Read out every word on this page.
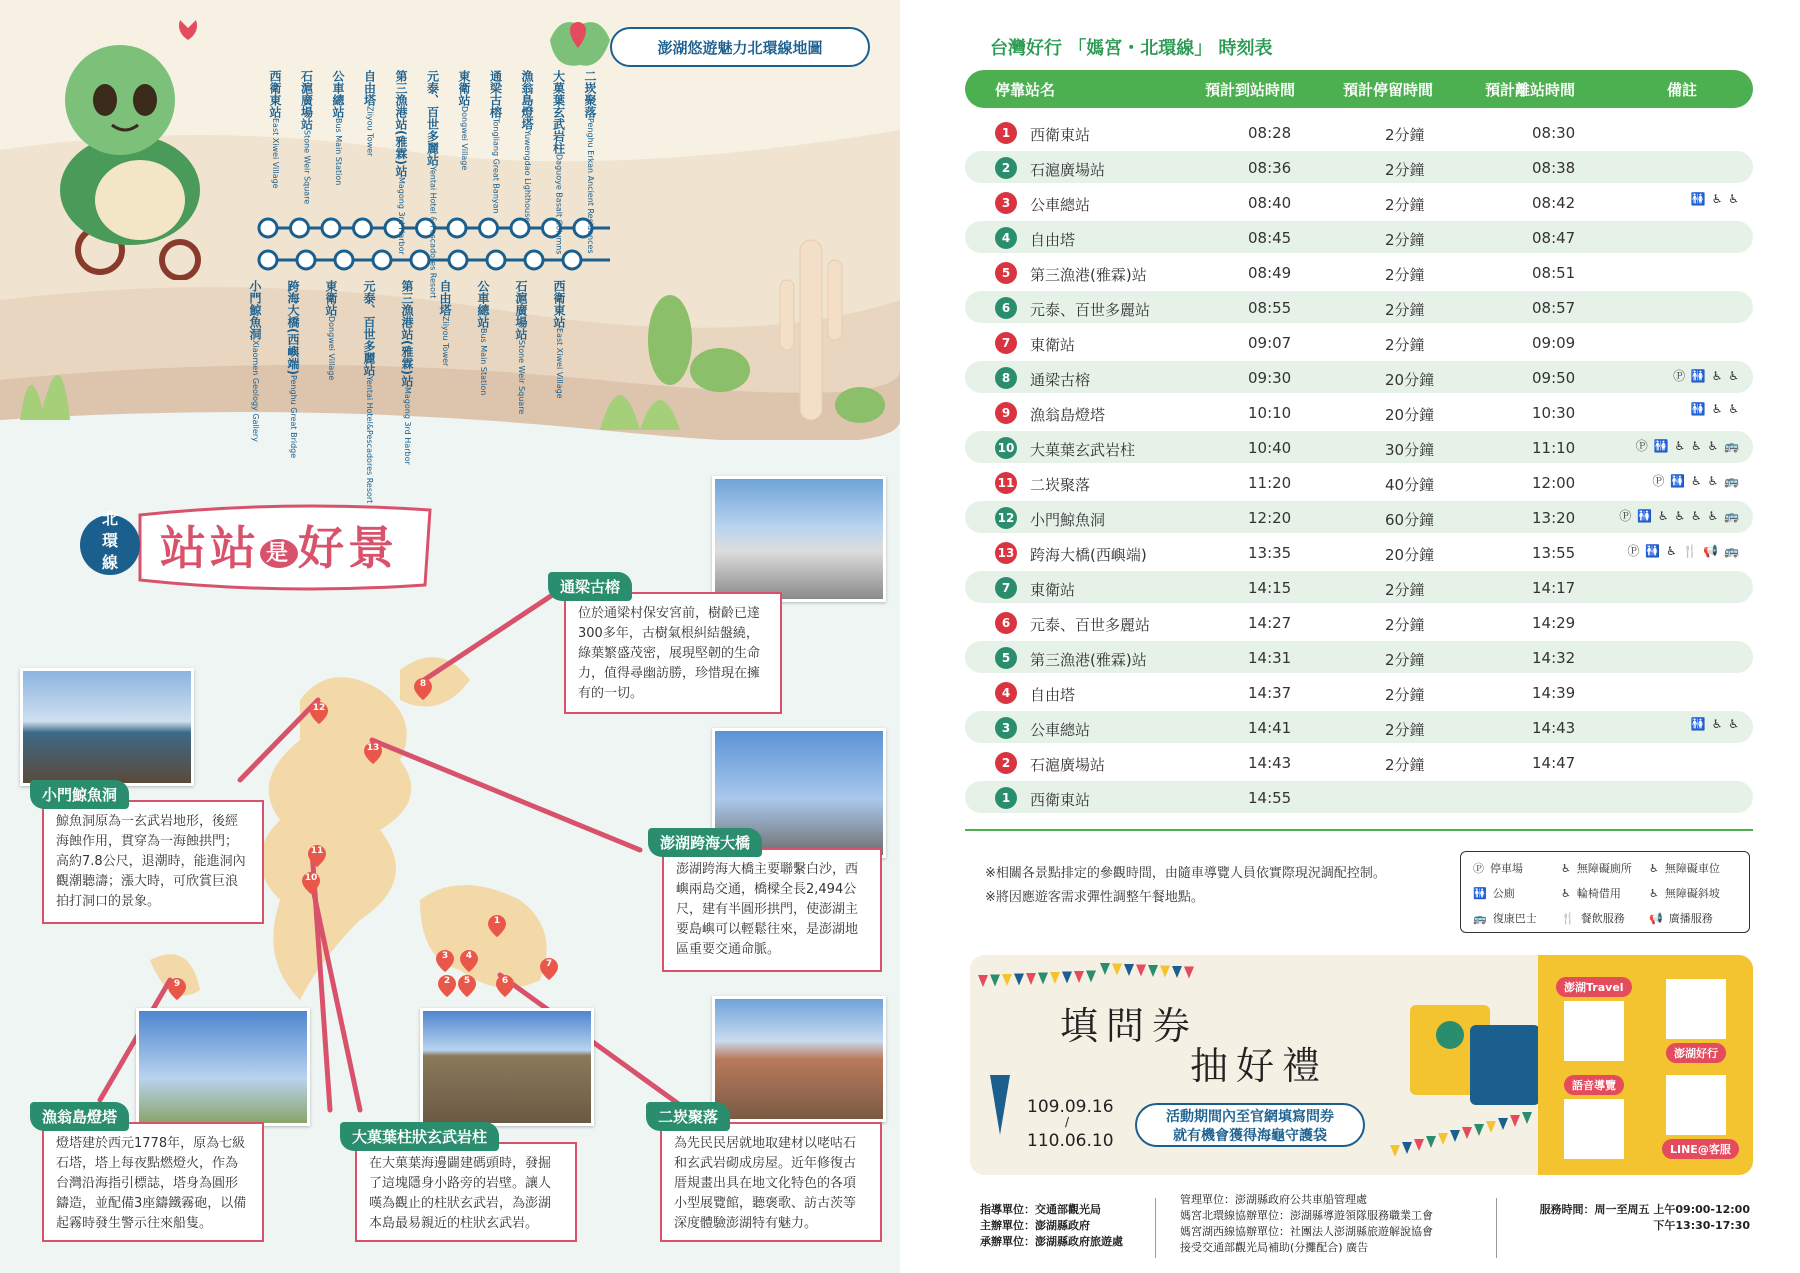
澎湖悠遊魅力北環線地圖
西衛東站East Xiwei Village
石滬廣場站Stone Weir Square
公車總站Bus Main Station
自由塔Ziiyou Tower 第三漁港站(雅霖)站Magong 3rd Harbor
元泰、百世多麗站Yentai Hotel & Pescadores Resort
東衛站Dongwei Village
通梁古榕Tongliang Great Banyan
漁翁島燈塔Yuwengdao Lighthouse
大菓葉玄武岩柱Daguoye Basalt Columns
二崁聚落Penghu Erkan Ancient Residences
小門鯨魚洞Xiaomen Geology Gallery
跨海大橋(西嶼端)Penghu Great Bridge
東衛站Dongwei Village 元泰、百世多麗站Yentai Hotel&Pescadores Resort
第三漁港站(雅霖)站Magong 3rd Harbor
自由塔Ziiyou Tower
公車總站Bus Main Station
石滬廣場站Stone Weir Square
西衛東站East Xiwei Village
北
環
線 站站 是 好景
1
2
3	4
5	6
7
8
9
10
11
12
13
通梁古榕
位於通梁村保安宮前，樹齡已達300多年，古樹氣根糾結盤繞，綠葉繁盛茂密，展現堅韌的生命力，值得尋幽訪勝，珍惜現在擁有的一切。
小門鯨魚洞
鯨魚洞原為一玄武岩地形，後經海蝕作用，貫穿為一海蝕拱門；高約7.8公尺，退潮時，能進洞內觀潮聽濤；漲大時，可欣賞巨浪拍打洞口的景象。
澎湖跨海大橋
澎湖跨海大橋主要聯繫白沙，西嶼兩島交通，橋樑全長2,494公尺，建有半圓形拱門，使澎湖主要島嶼可以輕鬆往來，是澎湖地區重要交通命脈。
漁翁島燈塔
燈塔建於西元1778年，原為七級石塔，塔上每夜點燃燈火，作為台灣沿海指引標誌，塔身為圓形鑄造，並配備3座鑄鐵霧砲，以備起霧時發生警示往來船隻。
大菓葉柱狀玄武岩柱
在大菓葉海邊闢建碼頭時，發掘了這塊隱身小路旁的岩壁。讓人嘆為觀止的柱狀玄武岩，為澎湖本島最易親近的柱狀玄武岩。
二崁聚落
為先民民居就地取建材以咾咕石和玄武岩砌成房屋。近年修復古厝規畫出具在地文化特色的各項小型展覽館，聽褒歌、訪古茨等深度體驗澎湖特有魅力。
台灣好行 「媽宮・北環線」 時刻表
停靠站名	預計到站時間	預計停留時間	預計離站時間	備註
1	西衛東站	08:28	2分鐘	08:30
2	石滬廣場站	08:36	2分鐘	08:38
3	公車總站	08:40	2分鐘	08:42	🚻 ♿ ♿
4	自由塔	08:45	2分鐘	08:47
5	第三漁港(雅霖)站	08:49	2分鐘	08:51
6	元泰、百世多麗站	08:55	2分鐘	08:57
7	東衛站	09:07	2分鐘	09:09
8	通梁古榕	09:30	20分鐘	09:50	Ⓟ 🚻 ♿ ♿
9	漁翁島燈塔	10:10	20分鐘	10:30	🚻 ♿ ♿
10 大菓葉玄武岩柱	10:40	30分鐘	11:10	Ⓟ 🚻 ♿ ♿ ♿ 🚌
11 二崁聚落	11:20	40分鐘	12:00	Ⓟ 🚻 ♿ ♿ 🚌
12 小門鯨魚洞	12:20	60分鐘	13:20	Ⓟ 🚻 ♿ ♿ ♿ ♿ 🚌
13 跨海大橋(西嶼端)	13:35	20分鐘	13:55	Ⓟ 🚻 ♿ 🍴 📢 🚌
7	東衛站	14:15	2分鐘	14:17
6	元泰、百世多麗站	14:27	2分鐘	14:29
5	第三漁港(雅霖)站	14:31	2分鐘	14:32
4	自由塔	14:37	2分鐘	14:39
3	公車總站	14:41	2分鐘	14:43	🚻 ♿ ♿
2	石滬廣場站	14:43	2分鐘	14:47
1	西衛東站	14:55
※相關各景點排定的參觀時間，由隨車導覽人員依實際現況調配控制。
※將因應遊客需求彈性調整午餐地點。
Ⓟ 停車場	♿ 無障礙廁所 ♿ 無障礙車位
🚻 公廁	♿ 輪椅借用	♿ 無障礙斜坡
🚌 復康巴士 🍴 餐飲服務 📢 廣播服務
填問券
抽好禮
109.09.16
/
110.06.10
活動期間內至官網填寫問券
就有機會獲得海龜守護袋
澎湖Travel
澎湖好行
語音導覽
LINE@客服
指導單位：交通部觀光局
主辦單位：澎湖縣政府
承辦單位：澎湖縣政府旅遊處
管理單位：澎湖縣政府公共車船管理處
媽宮北環線協辦單位：澎湖縣導遊領隊服務職業工會
媽宮湖西線協辦單位：社團法人澎湖縣旅遊解說協會
接受交通部觀光局補助(分攤配合) 廣告
服務時間：周一至周五 上午09:00-12:00
下午13:30-17:30
